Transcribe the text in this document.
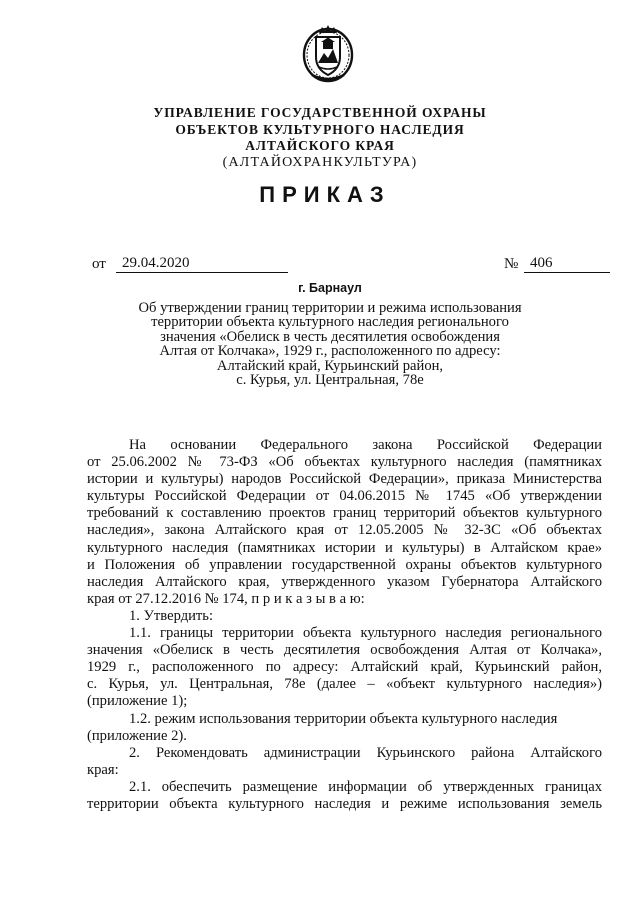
УПРАВЛЕНИЕ ГОСУДАРСТВЕННОЙ ОХРАНЫ
ОБЪЕКТОВ КУЛЬТУРНОГО НАСЛЕДИЯ
АЛТАЙСКОГО КРАЯ
(АЛТАЙОХРАНКУЛЬТУРА)
ПРИКАЗ
от	29.04.2020	№ 406
г. Барнаул
Об утверждении границ территории и режима использования
территории объекта культурного наследия регионального
значения «Обелиск в честь десятилетия освобождения
Алтая от Колчака», 1929 г., расположенного по адресу:
Алтайский край, Курьинский район,
с. Курья, ул. Центральная, 78е
На основании Федерального закона Российской Федерации
от 25.06.2002 № 73-ФЗ «Об объектах культурного наследия (памятниках
истории и культуры) народов Российской Федерации», приказа Министерства
культуры Российской Федерации от 04.06.2015 № 1745 «Об утверждении
требований к составлению проектов границ территорий объектов культурного
наследия», закона Алтайского края от 12.05.2005 № 32-ЗС «Об объектах
культурного наследия (памятниках истории и культуры) в Алтайском крае»
и Положения об управлении государственной охраны объектов культурного
наследия Алтайского края, утвержденного указом Губернатора Алтайского
края от 27.12.2016 № 174, п р и к а з ы в а ю:
1. Утвердить:
1.1. границы территории объекта культурного наследия регионального
значения «Обелиск в честь десятилетия освобождения Алтая от Колчака»,
1929 г., расположенного по адресу: Алтайский край, Курьинский район,
с. Курья, ул. Центральная, 78е (далее – «объект культурного наследия»)
(приложение 1);
1.2. режим использования территории объекта культурного наследия
(приложение 2).
2. Рекомендовать администрации Курьинского района Алтайского
края:
2.1. обеспечить размещение информации об утвержденных границах
территории объекта культурного наследия и режиме использования земель
